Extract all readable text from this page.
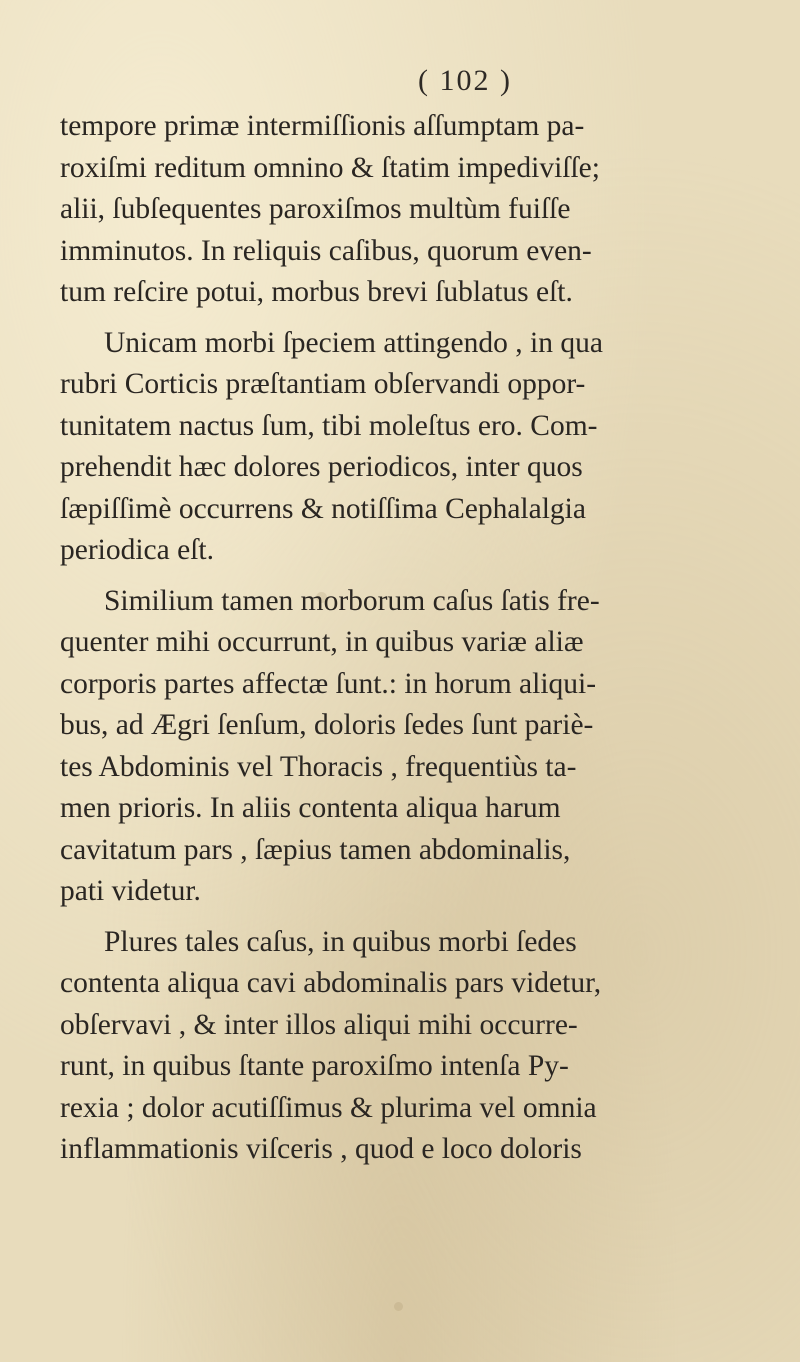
( 102 )
tempore primæ intermiſſionis aſſumptam pa-
roxiſmi reditum omnino & ſtatim impediviſſe;
alii, ſubſequentes paroxiſmos multùm fuiſſe
imminutos. In reliquis caſibus, quorum even-
tum reſcire potui, morbus brevi ſublatus eſt.
Unicam morbi ſpeciem attingendo , in qua
rubri Corticis præſtantiam obſervandi oppor-
tunitatem nactus ſum, tibi moleſtus ero. Com-
prehendit hæc dolores periodicos, inter quos
ſæpiſſimè occurrens & notiſſima Cephalalgia
periodica eſt.
Similium tamen morborum caſus ſatis fre-
quenter mihi occurrunt, in quibus variæ aliæ
corporis partes affectæ ſunt.: in horum aliqui-
bus, ad Ægri ſenſum, doloris ſedes ſunt pariè-
tes Abdominis vel Thoracis , frequentiùs ta-
men prioris. In aliis contenta aliqua harum
cavitatum pars , ſæpius tamen abdominalis,
pati videtur.
Plures tales caſus, in quibus morbi ſedes
contenta aliqua cavi abdominalis pars videtur,
obſervavi , & inter illos aliqui mihi occurre-
runt, in quibus ſtante paroxiſmo intenſa Py-
rexia ; dolor acutiſſimus & plurima vel omnia
inflammationis viſceris , quod e loco doloris
